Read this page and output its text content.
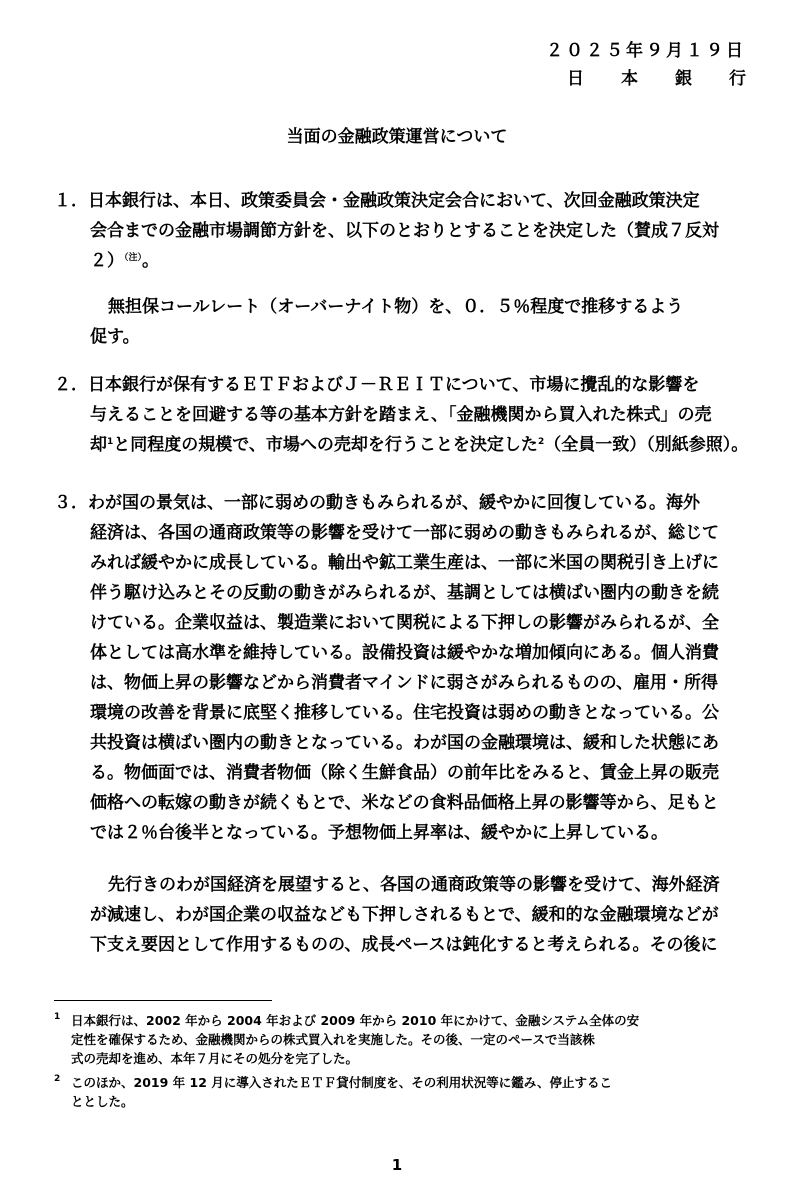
２０２５年９月１９日
日本銀行
当面の金融政策運営について
１．日本銀行は、本日、政策委員会・金融政策決定会合において、次回金融政策決定
会合までの金融市場調節方針を、以下のとおりとすることを決定した（賛成７反対
２）$^{(注)}$。
無担保コールレート（オーバーナイト物）を、０．５％程度で推移するよう
促す。
２．日本銀行が保有するＥＴＦおよびＪ－ＲＥＩＴについて、市場に攪乱的な影響を
与えることを回避する等の基本方針を踏まえ、「金融機関から買入れた株式」の売
却$^1$と同程度の規模で、市場への売却を行うことを決定した$^2$（全員一致）（別紙参照）。
３．わが国の景気は、一部に弱めの動きもみられるが、緩やかに回復している。海外
経済は、各国の通商政策等の影響を受けて一部に弱めの動きもみられるが、総じて
みれば緩やかに成長している。輸出や鉱工業生産は、一部に米国の関税引き上げに
伴う駆け込みとその反動の動きがみられるが、基調としては横ばい圏内の動きを続
けている。企業収益は、製造業において関税による下押しの影響がみられるが、全
体としては高水準を維持している。設備投資は緩やかな増加傾向にある。個人消費
は、物価上昇の影響などから消費者マインドに弱さがみられるものの、雇用・所得
環境の改善を背景に底堅く推移している。住宅投資は弱めの動きとなっている。公
共投資は横ばい圏内の動きとなっている。わが国の金融環境は、緩和した状態にあ
る。物価面では、消費者物価（除く生鮮食品）の前年比をみると、賃金上昇の販売
価格への転嫁の動きが続くもとで、米などの食料品価格上昇の影響等から、足もと
では２％台後半となっている。予想物価上昇率は、緩やかに上昇している。
先行きのわが国経済を展望すると、各国の通商政策等の影響を受けて、海外経済
が減速し、わが国企業の収益なども下押しされるもとで、緩和的な金融環境などが
下支え要因として作用するものの、成長ペースは鈍化すると考えられる。その後に
1 日本銀行は、2002 年から 2004 年および 2009 年から 2010 年にかけて、金融システム全体の安
定性を確保するため、金融機関からの株式買入れを実施した。その後、一定のペースで当該株
式の売却を進め、本年７月にその処分を完了した。
2 このほか、2019 年 12 月に導入されたＥＴＦ貸付制度を、その利用状況等に鑑み、停止するこ
ととした。
1
